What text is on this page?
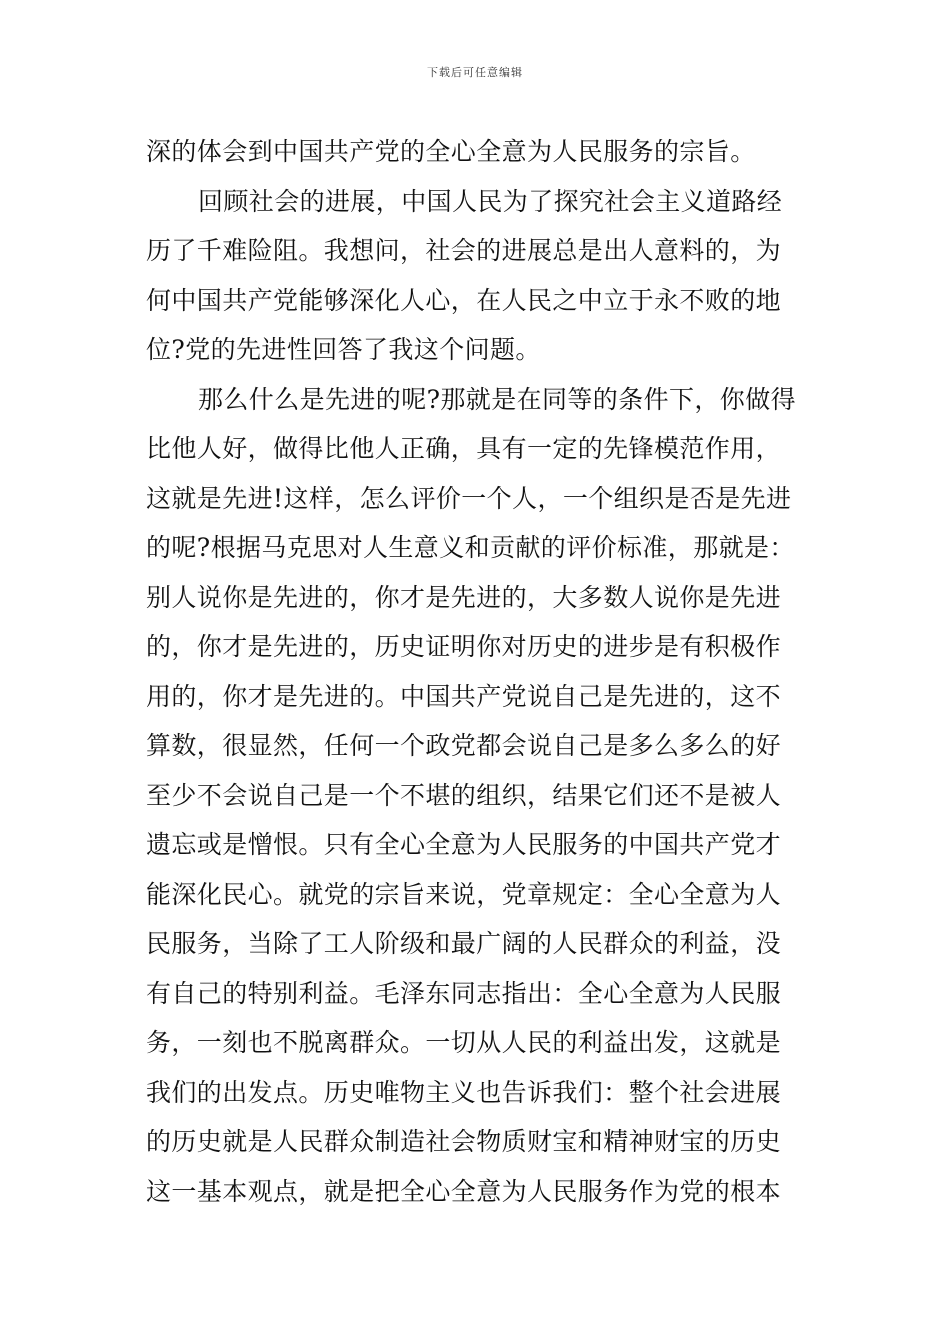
下载后可任意编辑
深的体会到中国共产党的全心全意为人民服务的宗旨。
回顾社会的进展，中国人民为了探究社会主义道路经
历了千难险阻。我想问，社会的进展总是出人意料的，为
何中国共产党能够深化人心，在人民之中立于永不败的地
位?党的先进性回答了我这个问题。
那么什么是先进的呢?那就是在同等的条件下，你做得
比他人好，做得比他人正确，具有一定的先锋模范作用，
这就是先进!这样，怎么评价一个人，一个组织是否是先进
的呢?根据马克思对人生意义和贡献的评价标准，那就是：
别人说你是先进的，你才是先进的，大多数人说你是先进
的，你才是先进的，历史证明你对历史的进步是有积极作
用的，你才是先进的。中国共产党说自己是先进的，这不
算数，很显然，任何一个政党都会说自己是多么多么的好
至少不会说自己是一个不堪的组织，结果它们还不是被人
遗忘或是憎恨。只有全心全意为人民服务的中国共产党才
能深化民心。就党的宗旨来说，党章规定：全心全意为人
民服务，当除了工人阶级和最广阔的人民群众的利益，没
有自己的特别利益。毛泽东同志指出：全心全意为人民服
务，一刻也不脱离群众。一切从人民的利益出发，这就是
我们的出发点。历史唯物主义也告诉我们：整个社会进展
的历史就是人民群众制造社会物质财宝和精神财宝的历史
这一基本观点，就是把全心全意为人民服务作为党的根本
